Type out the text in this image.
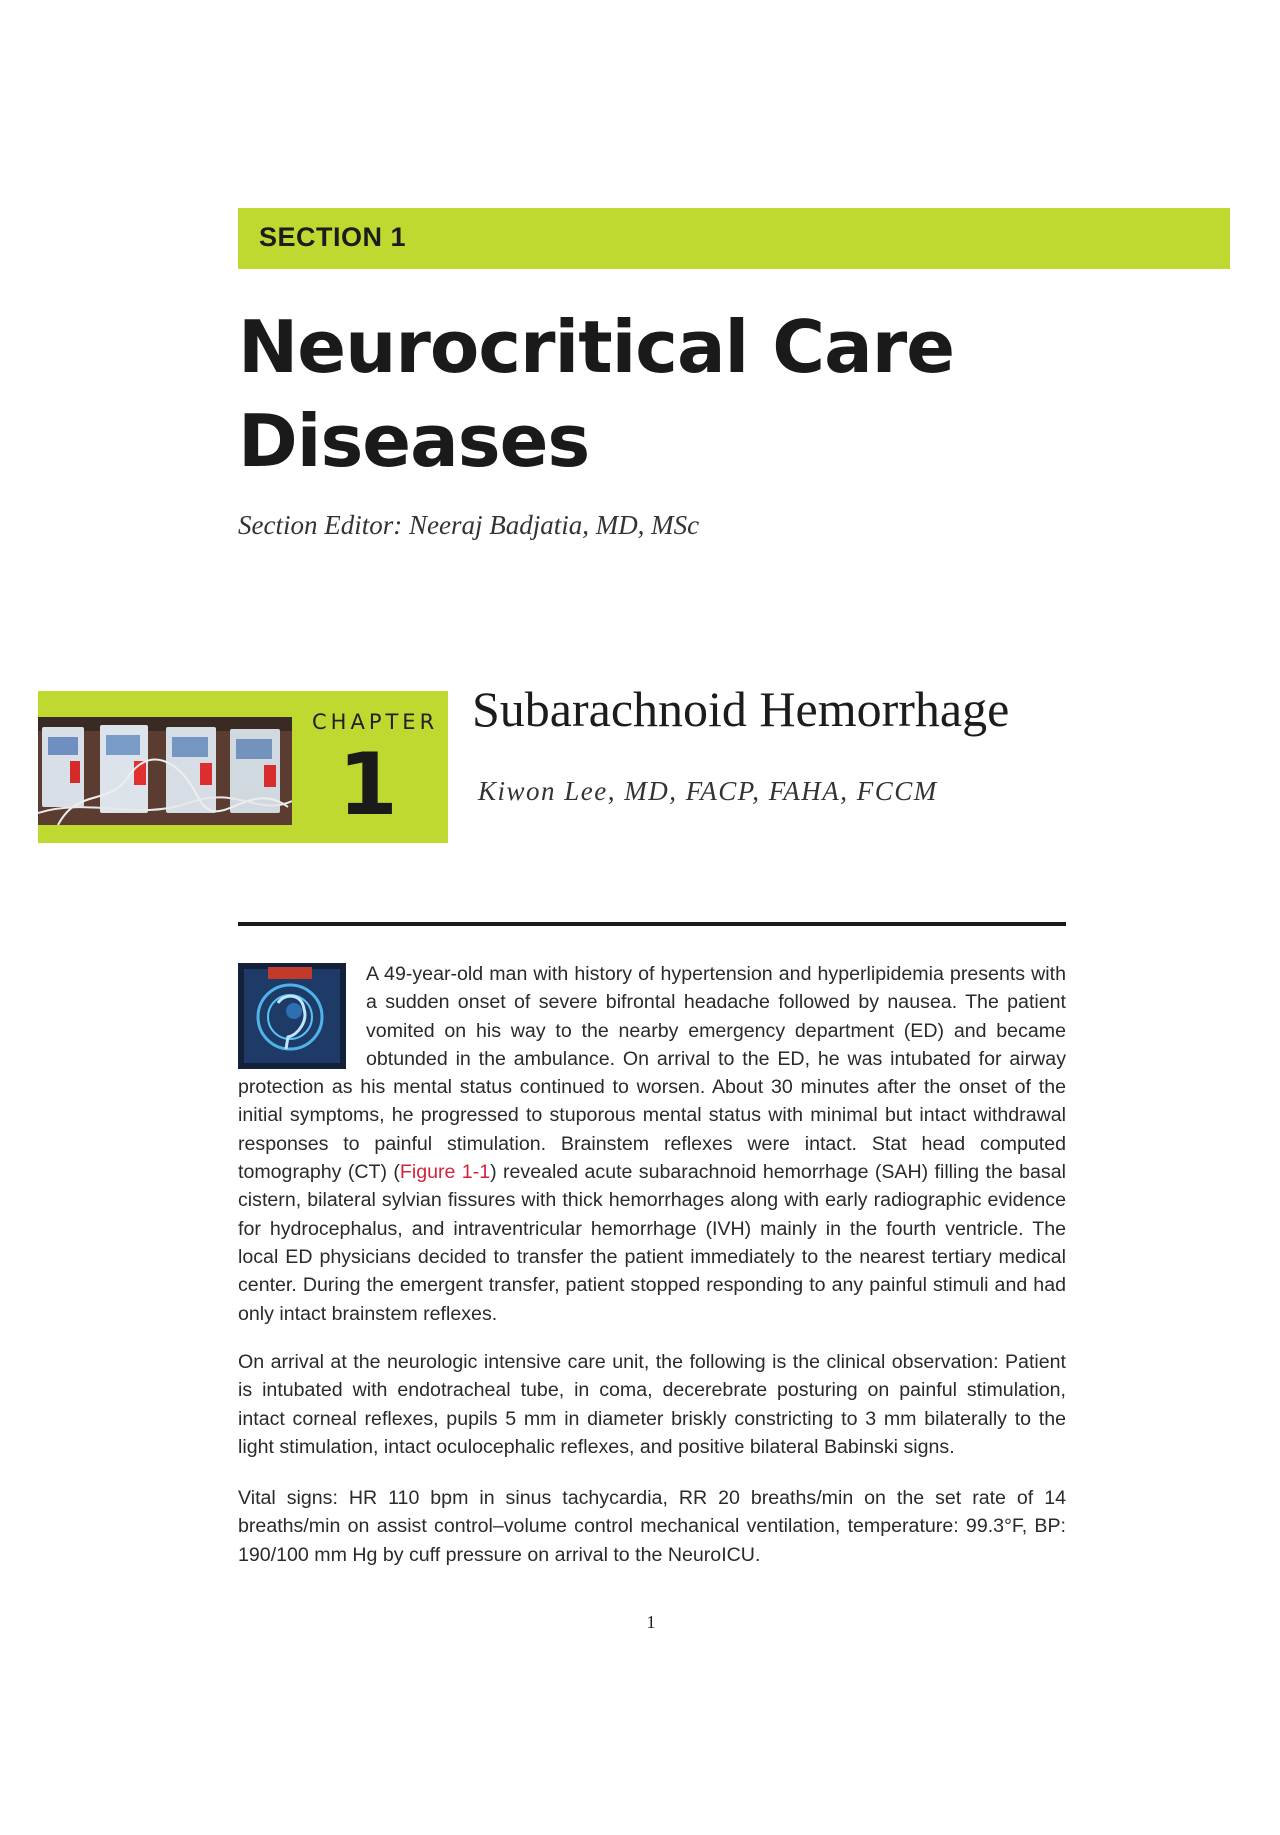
SECTION 1
Neurocritical Care
Diseases
Section Editor: Neeraj Badjatia, MD, MSc
CHAPTER
1
Subarachnoid Hemorrhage
Kiwon Lee, MD, FACP, FAHA, FCCM

A 49-year-old man with history of hypertension and hyperlipidemia presents with a sudden onset of severe bifrontal headache followed by nausea. The patient vomited on his way to the nearby emergency department (ED) and became obtunded in the ambulance. On arrival to the ED, he was intubated for airway protection as his mental status continued to worsen. About 30 minutes after the onset of the initial symptoms, he progressed to stuporous mental status with minimal but intact withdrawal responses to painful stimulation. Brainstem reflexes were intact. Stat head computed tomography (CT) (Figure 1-1) revealed acute subarachnoid hemorrhage (SAH) filling the basal cistern, bilateral sylvian fissures with thick hemorrhages along with early radiographic evidence for hydrocephalus, and intraventricular hemorrhage (IVH) mainly in the fourth ventricle. The local ED physicians decided to transfer the patient immediately to the nearest tertiary medical center. During the emergent transfer, patient stopped responding to any painful stimuli and had only intact brainstem reflexes.

On arrival at the neurologic intensive care unit, the following is the clinical observation: Patient is intubated with endotracheal tube, in coma, decerebrate posturing on painful stimulation, intact corneal reflexes, pupils 5 mm in diameter briskly constricting to 3 mm bilaterally to the light stimulation, intact oculocephalic reflexes, and positive bilateral Babinski signs.

Vital signs: HR 110 bpm in sinus tachycardia, RR 20 breaths/min on the set rate of 14 breaths/min on assist control–volume control mechanical ventilation, temperature: 99.3°F, BP: 190/100 mm Hg by cuff pressure on arrival to the NeuroICU.

1
